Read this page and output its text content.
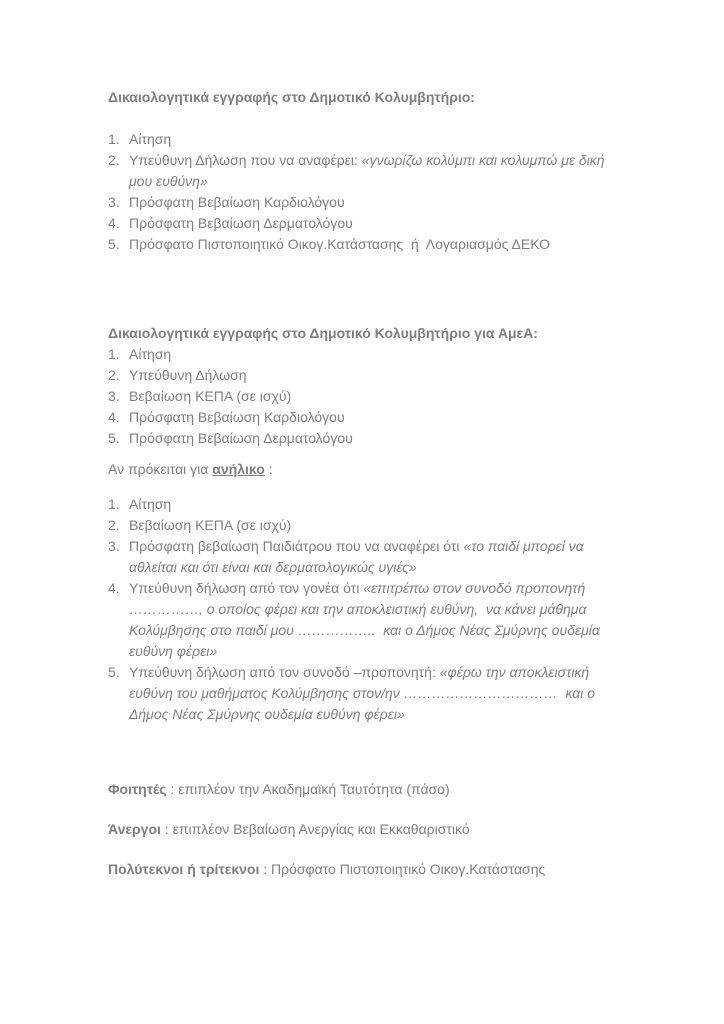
Δικαιολογητικά εγγραφής στο Δημοτικό Κολυμβητήριο:

1. Αίτηση
2. Υπεύθυνη Δήλωση που να αναφέρει: «γνωρίζω κολύμπι και κολυμπώ με δική μου ευθύνη»
3. Πρόσφατη Βεβαίωση Καρδιολόγου
4. Πρόσφατη Βεβαίωση Δερματολόγου
5. Πρόσφατο Πιστοποιητικό Οικογ.Κατάστασης  ή  Λογαριασμός ΔΕΚΟ

Δικαιολογητικά εγγραφής στο Δημοτικό Κολυμβητήριο για ΑμεΑ:

1. Αίτηση
2. Υπεύθυνη Δήλωση
3. Βεβαίωση ΚΕΠΑ (σε ισχύ)
4. Πρόσφατη Βεβαίωση Καρδιολόγου
5. Πρόσφατη Βεβαίωση Δερματολόγου

Αν πρόκειται για ανήλικο :

1. Αίτηση
2. Βεβαίωση ΚΕΠΑ (σε ισχύ)
3. Πρόσφατη βεβαίωση Παιδιάτρου που να αναφέρει ότι «το παιδί μπορεί να αθλείται και ότι είναι και δερματολογικώς υγιές»
4. Υπεύθυνη δήλωση από τον γονέα ότι «επιτρέπω στον συνοδό προπονητή ……………, ο οποίος φέρει και την αποκλειστική ευθύνη,  να κάνει μάθημα Κολύμβησης στο παιδί μου ……………..  και ο Δήμος Νέας Σμύρνης ουδεμία ευθύνη φέρει»
5. Υπεύθυνη δήλωση από τον συνοδό –προπονητή: «φέρω την αποκλειστική ευθύνη του μαθήματος Κολύμβησης στον/ην ……………………………  και ο Δήμος Νέας Σμύρνης ουδεμία ευθύνη φέρει»

Φοιτητές : επιπλέον την Ακαδημαϊκή Ταυτότητα (πάσο)

Άνεργοι : επιπλέον Βεβαίωση Ανεργίας και Εκκαθαριστικό

Πολύτεκνοι ή τρίτεκνοι : Πρόσφατο Πιστοποιητικό Οικογ.Κατάστασης
